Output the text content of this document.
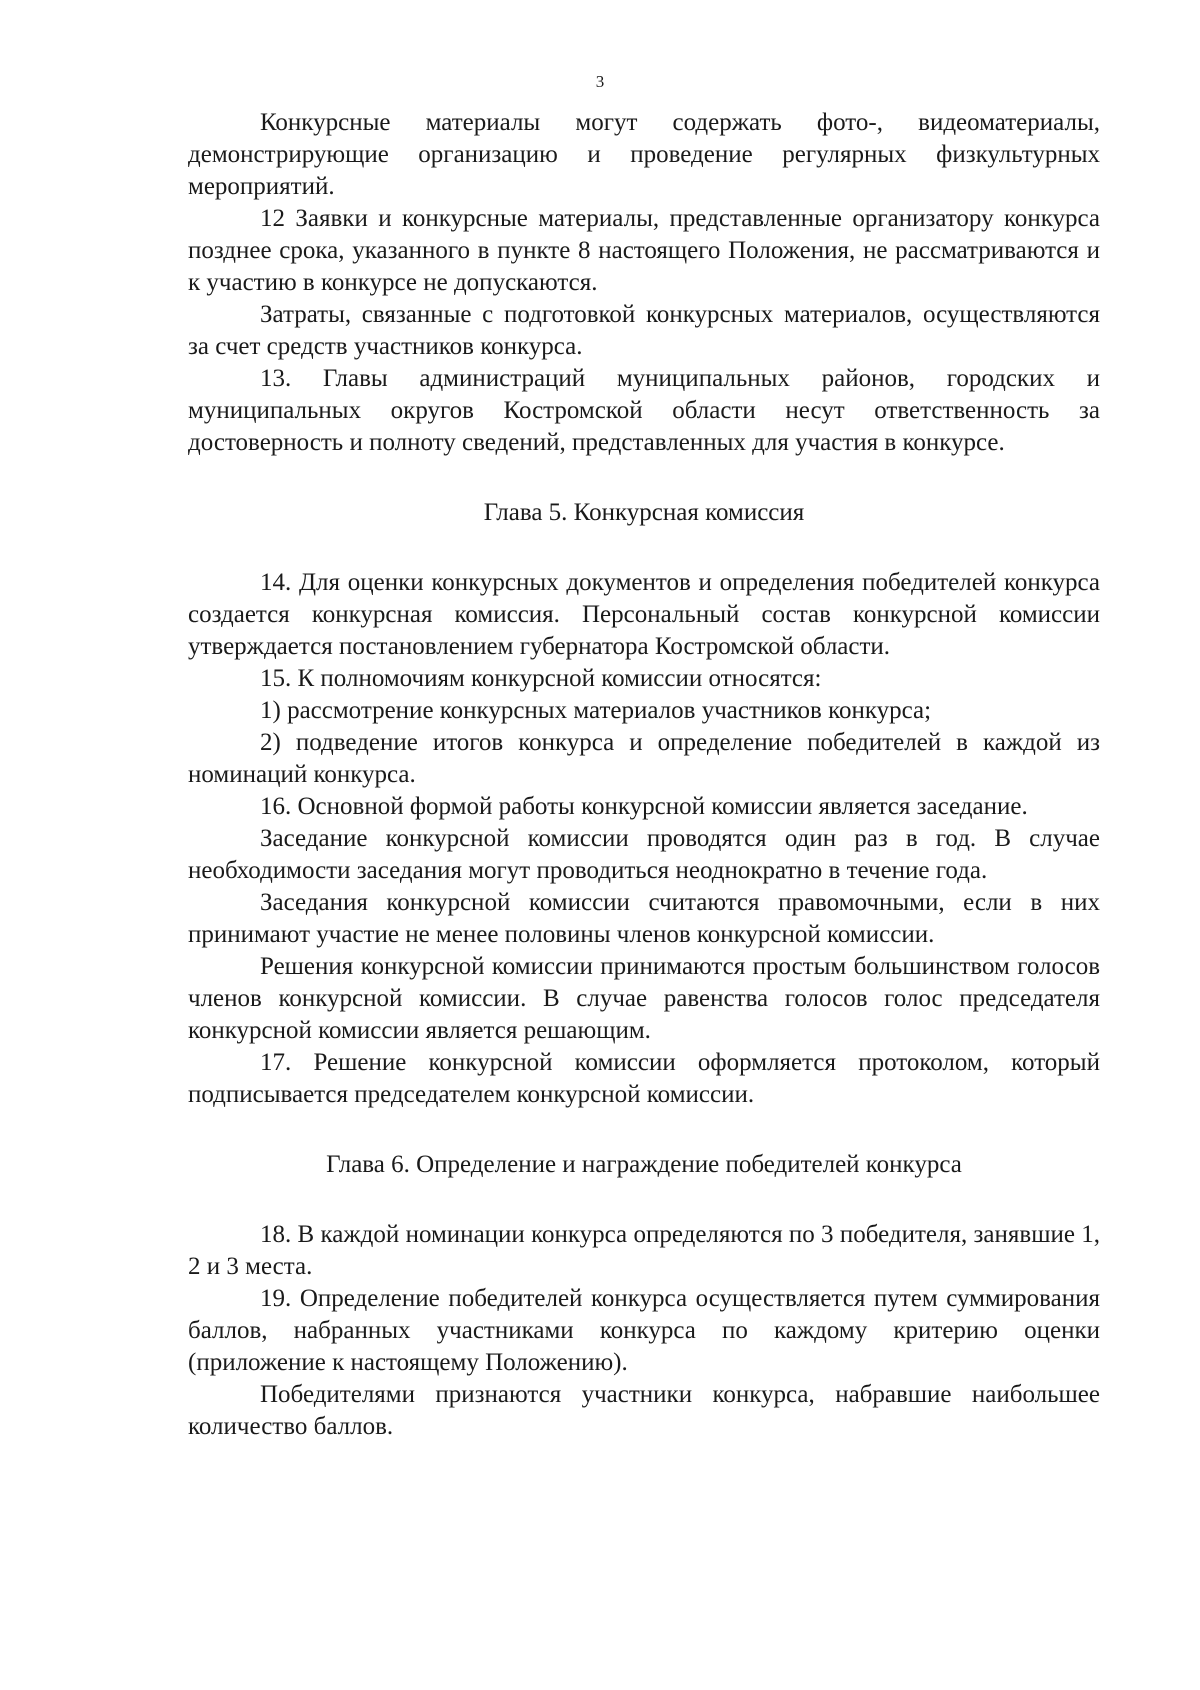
3

Конкурсные материалы могут содержать фото-, видеоматериалы, демонстрирующие организацию и проведение регулярных физкультурных мероприятий.

12 Заявки и конкурсные материалы, представленные организатору конкурса позднее срока, указанного в пункте 8 настоящего Положения, не рассматриваются и к участию в конкурсе не допускаются.

Затраты, связанные с подготовкой конкурсных материалов, осуществляются за счет средств участников конкурса.

13. Главы администраций муниципальных районов, городских и муниципальных округов Костромской области несут ответственность за достоверность и полноту сведений, представленных для участия в конкурсе.

Глава 5. Конкурсная комиссия

14. Для оценки конкурсных документов и определения победителей конкурса создается конкурсная комиссия. Персональный состав конкурсной комиссии утверждается постановлением губернатора Костромской области.

15. К полномочиям конкурсной комиссии относятся:

1) рассмотрение конкурсных материалов участников конкурса;

2) подведение итогов конкурса и определение победителей в каждой из номинаций конкурса.

16. Основной формой работы конкурсной комиссии является заседание.

Заседание конкурсной комиссии проводятся один раз в год. В случае необходимости заседания могут проводиться неоднократно в течение года.

Заседания конкурсной комиссии считаются правомочными, если в них принимают участие не менее половины членов конкурсной комиссии.

Решения конкурсной комиссии принимаются простым большинством голосов членов конкурсной комиссии. В случае равенства голосов голос председателя конкурсной комиссии является решающим.

17. Решение конкурсной комиссии оформляется протоколом, который подписывается председателем конкурсной комиссии.

Глава 6. Определение и награждение победителей конкурса

18. В каждой номинации конкурса определяются по 3 победителя, занявшие 1, 2 и 3 места.

19. Определение победителей конкурса осуществляется путем суммирования баллов, набранных участниками конкурса по каждому критерию оценки (приложение к настоящему Положению).

Победителями признаются участники конкурса, набравшие наибольшее количество баллов.
